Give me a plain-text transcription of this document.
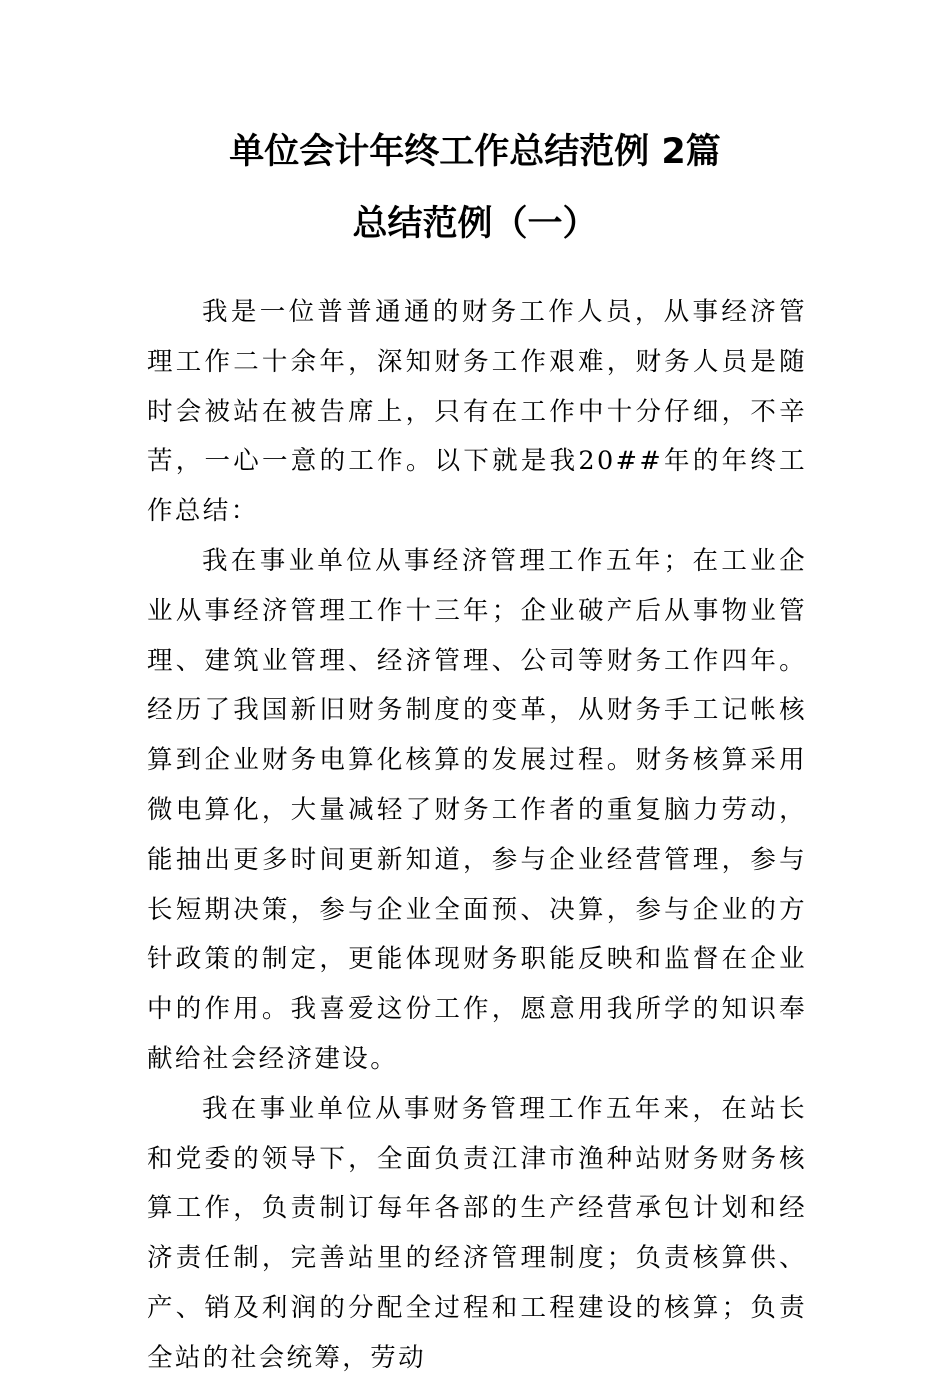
单位会计年终工作总结范例 2篇
总结范例（一）

我是一位普普通通的财务工作人员，从事经济管理工作二十余年，深知财务工作艰难，财务人员是随时会被站在被告席上，只有在工作中十分仔细，不辛苦，一心一意的工作。以下就是我20##年的年终工作总结：

我在事业单位从事经济管理工作五年；在工业企业从事经济管理工作十三年；企业破产后从事物业管理、建筑业管理、经济管理、公司等财务工作四年。经历了我国新旧财务制度的变革，从财务手工记帐核算到企业财务电算化核算的发展过程。财务核算采用微电算化，大量减轻了财务工作者的重复脑力劳动，能抽出更多时间更新知道，参与企业经营管理，参与长短期决策，参与企业全面预、决算，参与企业的方针政策的制定，更能体现财务职能反映和监督在企业中的作用。我喜爱这份工作，愿意用我所学的知识奉献给社会经济建设。

我在事业单位从事财务管理工作五年来，在站长和党委的领导下，全面负责江津市渔种站财务财务核算工作，负责制订每年各部的生产经营承包计划和经济责任制，完善站里的经济管理制度；负责核算供、产、销及利润的分配全过程和工程建设的核算；负责全站的社会统筹，劳动
